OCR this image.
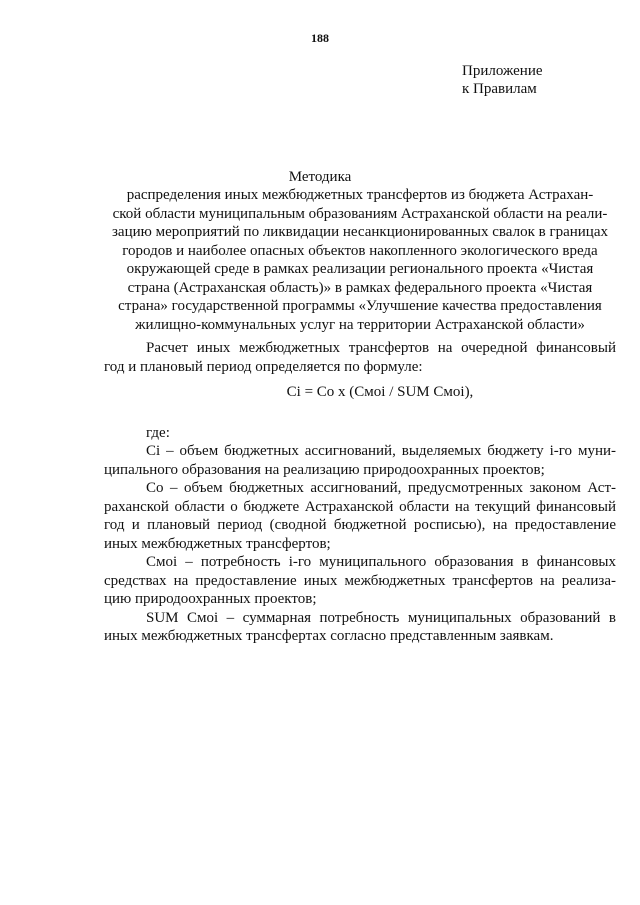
188
Приложение
к Правилам
Методика
распределения иных межбюджетных трансфертов из бюджета Астрахан-
ской области муниципальным образованиям Астраханской области на реали-
зацию мероприятий по ликвидации несанкционированных свалок в границах
городов и наиболее опасных объектов накопленного экологического вреда
окружающей среде в рамках реализации регионального проекта «Чистая
страна (Астраханская область)» в рамках федерального проекта «Чистая
страна» государственной программы «Улучшение качества предоставления
жилищно-коммунальных услуг на территории Астраханской области»
Расчет иных межбюджетных трансфертов на очередной финансовый
год и плановый период определяется по формуле:
Ci = Co x (Cмoi / SUM Cмoi),
где:
Ci – объем бюджетных ассигнований, выделяемых бюджету i-го муни-
ципального образования на реализацию природоохранных проектов;
Co – объем бюджетных ассигнований, предусмотренных законом Аст-
раханской области о бюджете Астраханской области на текущий финансовый
год и плановый период (сводной бюджетной росписью), на предоставление
иных межбюджетных трансфертов;
Cмoi – потребность i-го муниципального образования в финансовых
средствах на предоставление иных межбюджетных трансфертов на реализа-
цию природоохранных проектов;
SUM Cмoi – суммарная потребность муниципальных образований в
иных межбюджетных трансфертах согласно представленным заявкам.
